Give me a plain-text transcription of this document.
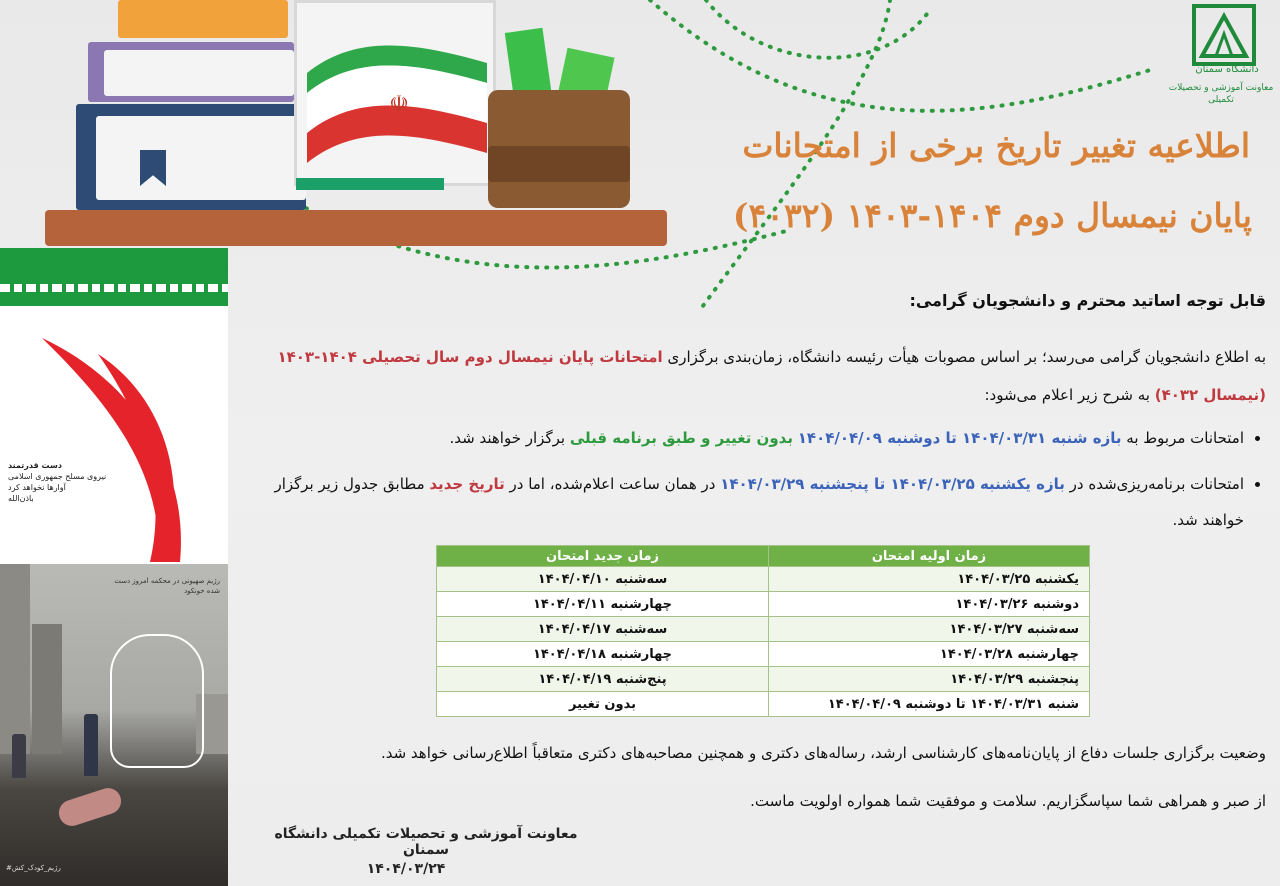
☫
دست قدرتمند
نیروی مسلح جمهوری اسلامی
آوارها نخواهد کرد
باذن‌الله
#رژیم_کودک_کش
رژیم صهیونی در محکمه امروز دست شده خونکود
دانشگاه سمنان
معاونت آموزشی و تحصیلات تکمیلی
اطلاعیه تغییر تاریخ برخی از امتحانات
پایان نیمسال دوم ۱۴۰۴-۱۴۰۳ (۴۰۳۲)
قابل توجه اساتید محترم و دانشجویان گرامی:
به اطلاع دانشجویان گرامی می‌رسد؛ بر اساس مصوبات هیأت رئیسه دانشگاه، زمان‌بندی برگزاری امتحانات پایان نیمسال دوم سال تحصیلی ۱۴۰۴-۱۴۰۳ (نیمسال ۴۰۳۲) به شرح زیر اعلام می‌شود:
• امتحانات مربوط به بازه شنبه ۱۴۰۴/۰۳/۳۱ تا دوشنبه ۱۴۰۴/۰۴/۰۹ بدون تغییر و طبق برنامه قبلی برگزار خواهند شد.
• امتحانات برنامه‌ریزی‌شده در بازه یکشنبه ۱۴۰۴/۰۳/۲۵ تا پنجشنبه ۱۴۰۴/۰۳/۲۹ در همان ساعت اعلام‌شده، اما در تاریخ جدید مطابق جدول زیر برگزار خواهند شد.
زمان اولیه امتحان	زمان جدید امتحان
یکشنبه ۱۴۰۴/۰۳/۲۵	سه‌شنبه ۱۴۰۴/۰۴/۱۰
دوشنبه ۱۴۰۴/۰۳/۲۶	چهارشنبه ۱۴۰۴/۰۴/۱۱
سه‌شنبه ۱۴۰۴/۰۳/۲۷	سه‌شنبه ۱۴۰۴/۰۴/۱۷
چهارشنبه ۱۴۰۴/۰۳/۲۸	چهارشنبه ۱۴۰۴/۰۴/۱۸
پنجشنبه ۱۴۰۴/۰۳/۲۹	پنج‌شنبه ۱۴۰۴/۰۴/۱۹
شنبه ۱۴۰۴/۰۳/۳۱ تا دوشنبه ۱۴۰۴/۰۴/۰۹	بدون تغییر
وضعیت برگزاری جلسات دفاع از پایان‌نامه‌های کارشناسی ارشد، رساله‌های دکتری و همچنین مصاحبه‌های دکتری متعاقباً اطلاع‌رسانی خواهد شد.
از صبر و همراهی شما سپاسگزاریم. سلامت و موفقیت شما همواره اولویت ماست.
معاونت آموزشی و تحصیلات تکمیلی دانشگاه سمنان
۱۴۰۴/۰۳/۲۴
